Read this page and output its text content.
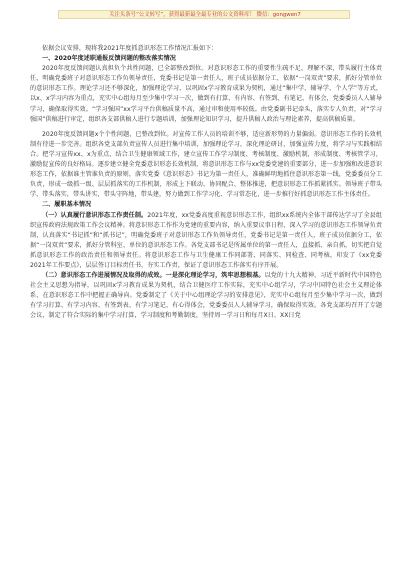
关注头条号“公文转写”，获得最新最全最专业的公文资料库！ 微信：gongwen7

依据会议安排，现将我2021年度抓意识形态工作情况汇报如下：

一、2020年度述职通报反馈问题的整改落实情况

2020年度反馈问题认真担负个共性问题，已全部整改到位。对意识形态工作的重要性生疏不足，理解不深，带头履行主体责任，明确党委班子对意识形态工作负领导责任，党委书记是第一责任人，班子成员依据分工，依据“一岗双责”要求，抓好分管单位的意识形态工作。理论学习还不够深化，加强理论学习，以巩固x学习教育成果为契机，通过“集中学、辅导学、个人学”等方式，以x、x学习内容为重点，充实中心组每月至少集中学习一次，做到有打算、有内容、有签到、有笔记、有体会，党委委员人人辅导学习，确保取得实效。“学习强国”xx学习平台供稿质量不高，通过审和使用率较低。由党委副书记牵头，落实专人负责，对“学习强国”供稿进行审定，组织各支部供稿人进行专题培训，加强理论知识学习，提升供稿人政治与理论素养，提高供稿质量。

2020年度反馈问题x个个性问题，已整改到位。对宣传工作人员的培训不够，适应新形势的力量偏弱。意识形态工作的长效机制有待进一步完善。组织各党支部负责宣传人员进行集中培训，加强理论学习，深化理论研讨，加强宣传力度，将学习与实践相结合。把学习宣传xx、x为重点，结合卫生健康领域工作，建立宣传工作学习制度、考核制度、激励机制，形成制度、考核管学习，激励促宣传的良好格局。逐步建立健全党委意识形态长效机制，将意识形态工作与xx党委党建的重要部分，进一步加强和改进意识形态工作，依据谁主管谁负责的原则，落实党委《意识形态》书记为第一责任人，准确鲜明地抓住意识形态第一线，党委委员分工负责，形成一级抓一级、层层抓落实的工作机制，形成上下联动、协同配合、整体推进，把意识形态工作抓紧抓实。领导班子带头学，带头落实，带头讲实，带头守阵地，带头建，努力做到工作学习化、学习常态化，进一步推行好抓意识形态工作主体责任。

二、履职基本情况

（一）认真履行意识形态工作责任制。2021年度，xx党委高度重视意识形态工作，组织xx系统内全体干部传达学习了全县组织宣传政府法规政策工作会议精神。将意识形态工作作为党建的重要内容，纳入重要议事日程，深入学习的意识形态工作领导负责制，认真落实“书记抓”和“抓书记”，明确党委班子对意识形态工作负领导责任，党委书记是第一责任人，班子成员依据分工，依据“一岗双责”要求，抓好分管科室、单位的意识形态工作。各党支部书记是所属单位的第一责任人，直接抓、亲自抓，切实把自觉抓意识形态工作的政治责任和领导责任。将意识形态工作与卫生健康工作同部署、同落实、同检查、同考核，印发了《xx党委2021年工作要点》，层层签订目标责任书，夯实工作责，保证了意识形态工作落实有序开展。

（二）意识形态工作进展情况及取得的成效。一是深化理论学习，筑牢思想根基。以党的十九大精神、习近平新时代中国特色社会主义思想为指导，以巩固x学习教育成果为契机，结合卫健医疗工作实际，充实中心组学习，学习中国特色社会主义理论体系，在意识形态工作中把握正确导向。党委制定了《关于中心组理论学习的安排意见》，充实中心组每月至少集中学习一次，做到有学习打算、有学习内容、有签到表、有学习笔记、有心得体会，党委委员人人辅导学习，确保取得实效。各党支部均召开了专题会议，制定了符合实际的集中学习打算，学习制度和考勤制度，坚持周一学习日和每月X日、XX日党
